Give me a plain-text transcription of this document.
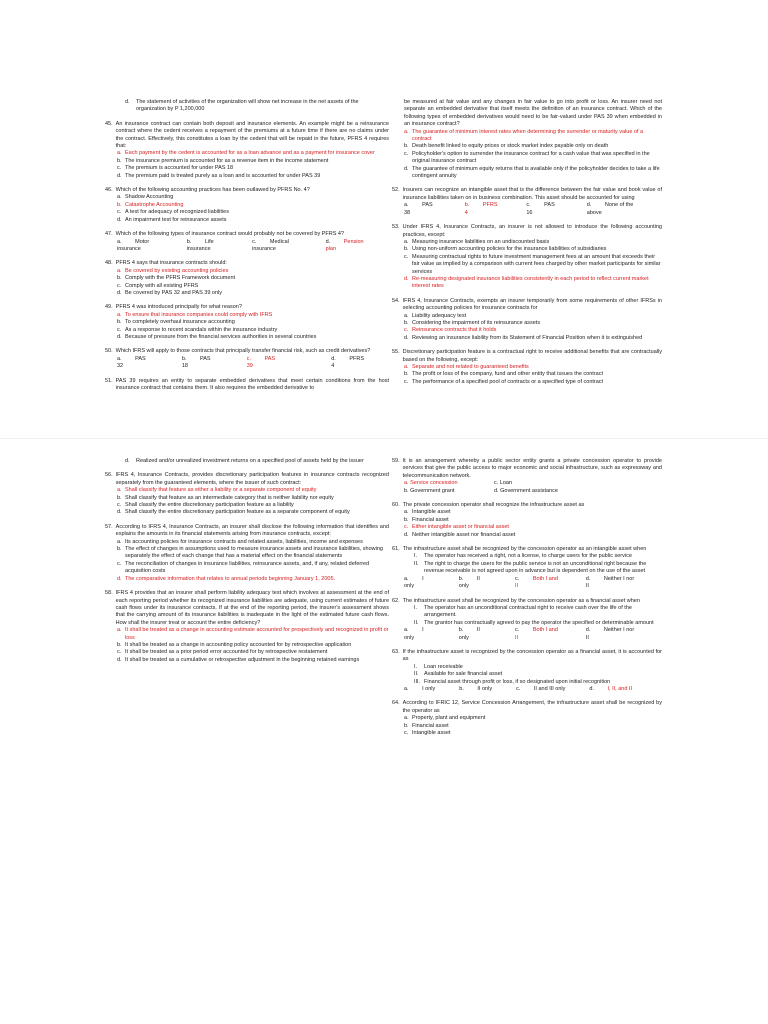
d.	The statement of activities of the organization will show net increase in the net assets of the organization by P 1,200,000
45. An insurance contract can contain both deposit and insurance elements. An example might be a reinsurance contract where the cedent receives a repayment of the premiums at a future time if there are no claims under the contract. Effectively, this constitutes a loan by the cedent that will be repaid in the future, PFRS 4 requires that:
a. Each payment by the cedent is accounted for as a loan advance and as a payment for insurance cover
b. The insurance premium is accounted for as a revenue item in the income statement
c. The premium is accounted for under PAS 18
d. The premium paid is treated purely as a loan and is accounted for under PAS 39
46. Which of the following accounting practices has been outlawed by PFRS No. 4?
a. Shadow Accounting
b. Catastrophe Accounting
c. A test for adequacy of recognized liabilities
d. An impairment test for reinsurance assets
47. Which of the following types of insurance contract would probably not be covered by PFRS 4?
a. Motor insurance
b. Life insurance
c. Medical insurance
d. Pension plan
48. PFRS 4 says that insurance contracts should:
a. Be covered by existing accounting policies
b. Comply with the PFRS Framework document
c. Comply with all existing PFRS
d. Be covered by PAS 32 and PAS 39 only
49. PFRS 4 was introduced principally for what reason?
a. To ensure that insurance companies could comply with IFRS
b. To completely overhaul insurance accounting
c. As a response to recent scandals within the insurance industry
d. Because of pressure from the financial services authorities in several countries
50. Which IFRS will apply to those contracts that principally transfer financial risk, such as credit derivatives?
a. PAS 32
b. PAS 18
c. PAS 39
d. PFRS 4
51. PAS 39 requires an entity to separate embedded derivatives that meet certain conditions from the host insurance contract that contains them. It also requires the embedded derivative to
be measured at fair value and any changes in fair value to go into profit or loss. An insurer need not separate an embedded derivative that itself meets the definition of an insurance contract. Which of the following types of embedded derivatives would need to be fair-valued under PAS 39 when embedded in an insurance contract?
a. The guarantee of minimum interest rates when determining the surrender or maturity value of a contract
b. Death benefit linked to equity prices or stock market index payable only on death
c. Policyholder's option to surrender the insurance contract for a cash value that was specified in the original insurance contract
d. The guarantee of minimum equity returns that is available only if the policyholder decides to take a life contingent annuity
52. Insurers can recognize an intangible asset that is the difference between the fair value and book value of insurance liabilities taken on in business combination. This asset should be accounted for using
a. PAS 38
b. PFRS 4
c. PAS 16
d. None of the above
53. Under IFRS 4, Insurance Contracts, an insurer is not allowed to introduce the following accounting practices, except:
a. Measuring insurance liabilities on an undiscounted basis
b. Using non-uniform accounting policies for the insurance liabilities of subsidiaries
c. Measuring contractual rights to future investment management fees at an amount that exceeds their fair value as implied by a comparison with current fees charged by other market participants for similar services
d. Re-measuring designated insurance liabilities consistently in each period to reflect current market interest rates
54. IFRS 4, Insurance Contracts, exempts an insurer temporarily from some requirements of other IFRSs in selecting accounting policies for insurance contracts for
a. Liability adequacy test
b. Considering the impairment of its reinsurance assets
c. Reinsurance contracts that it holds
d. Reviewing an insurance liability from its Statement of Financial Position when it is extinguished
55. Discretionary participation feature is a contractual right to receive additional benefits that are contractually based on the following, except:
a. Separate and not related to guaranteed benefits
b. The profit or loss of the company, fund and other entity that issues the contract
c. The performance of a specified pool of contracts or a specified type of contract
d.	Realized and/or unrealized investment returns on a specified pool of assets held by the issuer
56. IFRS 4, Insurance Contracts, provides discretionary participation features in insurance contracts recognized separately from the guaranteed elements, where the issuer of such contract:
a. Shall classify that feature as either a liability or a separate component of equity
b. Shall classify that feature as an intermediate category that is neither liability nor equity
c. Shall classify the entire discretionary participation feature as a liability
d. Shall classify the entire discretionary participation feature as a separate component of equity
57. According to IFRS 4, Insurance Contracts, an insurer shall disclose the following information that identifies and explains the amounts in its financial statements arising from insurance contracts, except:
a. Its accounting policies for insurance contracts and related assets, liabilities, income and expenses
b. The effect of changes in assumptions used to measure insurance assets and insurance liabilities, showing separately the effect of each change that has a material effect on the financial statements
c. The reconciliation of changes in insurance liabilities, reinsurance assets, and, if any, related deferred acquisition costs
d. The comparative information that relates to annual periods beginning January 1, 2005.
58. IFRS 4 provides that an insurer shall perform liability adequacy test which involves at assessment at the end of each reporting period whether its recognized insurance liabilities are adequate, using current estimates of future cash flows under its insurance contracts. If at the end of the reporting period, the insurer's assessment shows that the carrying amount of its insurance liabilities is inadequate in the light of the estimated future cash flows. How shall the insurer treat or account the entire deficiency?
a. It shall be treated as a change in accounting estimate accounted for prospectively and recognized in profit or loss
b. It shall be treated as a change in accounting policy accounted for by retrospective application
c. It shall be treated as a prior period error accounted for by retrospective restatement
d. It shall be treated as a cumulative or retrospective adjustment in the beginning retained earnings
59. It is an arrangement whereby a public sector entity grants a private concession operator to provide services that give the public access to major economic and social infrastructure, such as expressway and telecommunication network.
a. Service concession	c. Loan
b. Government grant	d. Government assistance
60. The private concession operator shall recognize the infrastructure asset as
a. Intangible asset
b. Financial asset
c. Either intangible asset or financial asset
d. Neither intangible asset nor financial asset
61. The infrastructure asset shall be recognized by the concession operator as an intangible asset when
I.	The operator has received a right, not a license, to charge users for the public service
II. The right to charge the users for the public service is not an unconditional right because the revenue receivable is not agreed upon in advance but is dependent on the use of the asset
a. I only
b. II only
c. Both I and II
d. Neither I nor II
62. The infrastructure asset shall be recognized by the concession operator as a financial asset when
I.	The operator has an unconditional contractual right to receive cash over the life of the arrangement.
II. The grantor has contractually agreed to pay the operator the specified or determinable amount
a. I only
b. II only
c. Both I and II
d. Neither I nor II
63. If the infrastructure asset is recognized by the concession operator as a financial asset, it is accounted for as
I.	Loan receivable
II. Available for sale financial asset
III. Financial asset through profit or loss, if so designated upon initial recognition
a. I only	b. II only	c. II and III only	d. I, II, and II
64. According to IFRIC 12, Service Concession Arrangement, the infrastructure asset shall be recognized by the operator as
a. Property, plant and equipment
b. Financial asset
c. Intangible asset
